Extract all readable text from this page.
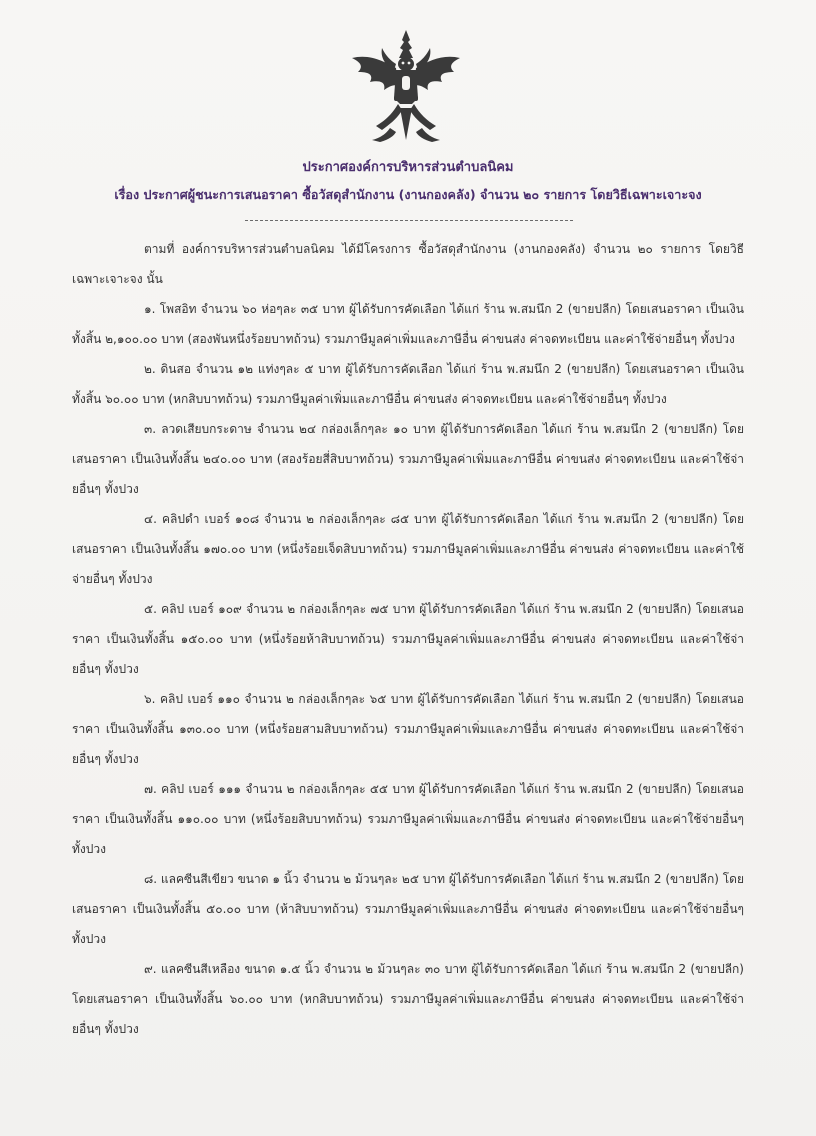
ประกาศองค์การบริหารส่วนตำบลนิคม
เรื่อง ประกาศผู้ชนะการเสนอราคา ซื้อวัสดุสำนักงาน (งานกองคลัง) จำนวน ๒๐ รายการ โดยวิธีเฉพาะเจาะจง

ตามที่ องค์การบริหารส่วนตำบลนิคม ได้มีโครงการ ซื้อวัสดุสำนักงาน (งานกองคลัง) จำนวน ๒๐ รายการ โดยวิธีเฉพาะเจาะจง นั้น

๑. โพสอิท จำนวน ๖๐ ห่อๆละ ๓๕ บาท ผู้ได้รับการคัดเลือก ได้แก่ ร้าน พ.สมนึก 2 (ขายปลีก) โดยเสนอราคา เป็นเงินทั้งสิ้น ๒,๑๐๐.๐๐ บาท (สองพันหนึ่งร้อยบาทถ้วน) รวมภาษีมูลค่าเพิ่มและภาษีอื่น ค่าขนส่ง ค่าจดทะเบียน และค่าใช้จ่ายอื่นๆ ทั้งปวง

๒. ดินสอ จำนวน ๑๒ แท่งๆละ ๕ บาท ผู้ได้รับการคัดเลือก ได้แก่ ร้าน พ.สมนึก 2 (ขายปลีก) โดยเสนอราคา เป็นเงินทั้งสิ้น ๖๐.๐๐ บาท (หกสิบบาทถ้วน) รวมภาษีมูลค่าเพิ่มและภาษีอื่น ค่าขนส่ง ค่าจดทะเบียน และค่าใช้จ่ายอื่นๆ ทั้งปวง

๓. ลวดเสียบกระดาษ จำนวน ๒๔ กล่องเล็กๆละ ๑๐ บาท ผู้ได้รับการคัดเลือก ได้แก่ ร้าน พ.สมนึก 2 (ขายปลีก) โดยเสนอราคา เป็นเงินทั้งสิ้น ๒๔๐.๐๐ บาท (สองร้อยสี่สิบบาทถ้วน) รวมภาษีมูลค่าเพิ่มและภาษีอื่น ค่าขนส่ง ค่าจดทะเบียน และค่าใช้จ่ายอื่นๆ ทั้งปวง

๔. คลิปดำ เบอร์ ๑๐๘ จำนวน ๒ กล่องเล็กๆละ ๘๕ บาท ผู้ได้รับการคัดเลือก ได้แก่ ร้าน พ.สมนึก 2 (ขายปลีก) โดยเสนอราคา เป็นเงินทั้งสิ้น ๑๗๐.๐๐ บาท (หนึ่งร้อยเจ็ดสิบบาทถ้วน) รวมภาษีมูลค่าเพิ่มและภาษีอื่น ค่าขนส่ง ค่าจดทะเบียน และค่าใช้จ่ายอื่นๆ ทั้งปวง

๕. คลิป เบอร์ ๑๐๙ จำนวน ๒ กล่องเล็กๆละ ๗๕ บาท ผู้ได้รับการคัดเลือก ได้แก่ ร้าน พ.สมนึก 2 (ขายปลีก) โดยเสนอราคา เป็นเงินทั้งสิ้น ๑๕๐.๐๐ บาท (หนึ่งร้อยห้าสิบบาทถ้วน) รวมภาษีมูลค่าเพิ่มและภาษีอื่น ค่าขนส่ง ค่าจดทะเบียน และค่าใช้จ่ายอื่นๆ ทั้งปวง

๖. คลิป เบอร์ ๑๑๐ จำนวน ๒ กล่องเล็กๆละ ๖๕ บาท ผู้ได้รับการคัดเลือก ได้แก่ ร้าน พ.สมนึก 2 (ขายปลีก) โดยเสนอราคา เป็นเงินทั้งสิ้น ๑๓๐.๐๐ บาท (หนึ่งร้อยสามสิบบาทถ้วน) รวมภาษีมูลค่าเพิ่มและภาษีอื่น ค่าขนส่ง ค่าจดทะเบียน และค่าใช้จ่ายอื่นๆ ทั้งปวง

๗. คลิป เบอร์ ๑๑๑ จำนวน ๒ กล่องเล็กๆละ ๕๕ บาท ผู้ได้รับการคัดเลือก ได้แก่ ร้าน พ.สมนึก 2 (ขายปลีก) โดยเสนอราคา เป็นเงินทั้งสิ้น ๑๑๐.๐๐ บาท (หนึ่งร้อยสิบบาทถ้วน) รวมภาษีมูลค่าเพิ่มและภาษีอื่น ค่าขนส่ง ค่าจดทะเบียน และค่าใช้จ่ายอื่นๆ ทั้งปวง

๘. แลคซีนสีเขียว ขนาด ๑ นิ้ว จำนวน ๒ ม้วนๆละ ๒๕ บาท ผู้ได้รับการคัดเลือก ได้แก่ ร้าน พ.สมนึก 2 (ขายปลีก) โดยเสนอราคา เป็นเงินทั้งสิ้น ๕๐.๐๐ บาท (ห้าสิบบาทถ้วน) รวมภาษีมูลค่าเพิ่มและภาษีอื่น ค่าขนส่ง ค่าจดทะเบียน และค่าใช้จ่ายอื่นๆ ทั้งปวง

๙. แลคซีนสีเหลือง ขนาด ๑.๕ นิ้ว จำนวน ๒ ม้วนๆละ ๓๐ บาท ผู้ได้รับการคัดเลือก ได้แก่ ร้าน พ.สมนึก 2 (ขายปลีก) โดยเสนอราคา เป็นเงินทั้งสิ้น ๖๐.๐๐ บาท (หกสิบบาทถ้วน) รวมภาษีมูลค่าเพิ่มและภาษีอื่น ค่าขนส่ง ค่าจดทะเบียน และค่าใช้จ่ายอื่นๆ ทั้งปวง
